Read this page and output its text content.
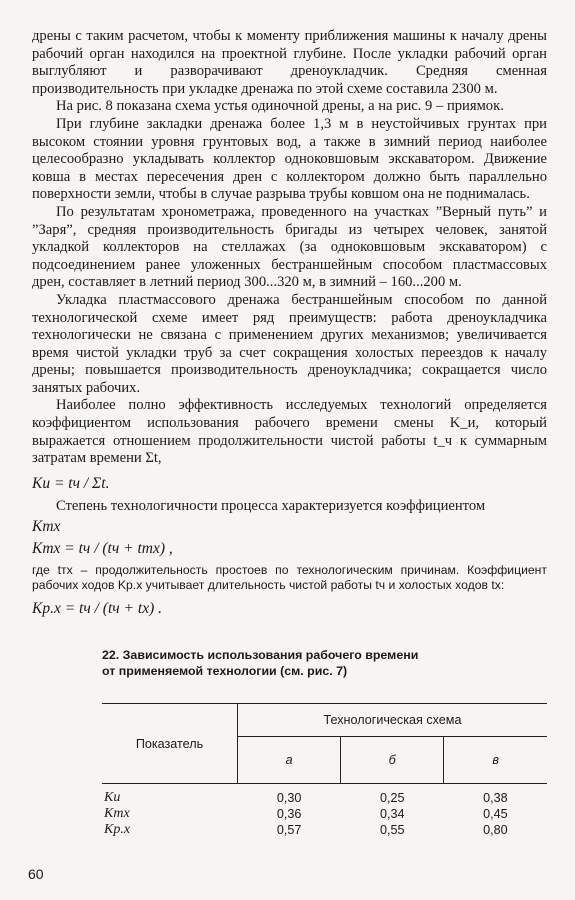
дрены с таким расчетом, чтобы к моменту приближения машины к началу дрены рабочий орган находился на проектной глубине. После укладки рабочий орган выглубляют и разворачивают дреноукладчик. Средняя сменная производительность при укладке дренажа по этой схеме составила 2300 м.

На рис. 8 показана схема устья одиночной дрены, а на рис. 9 – приямок.

При глубине закладки дренажа более 1,3 м в неустойчивых грунтах при высоком стоянии уровня грунтовых вод, а также в зимний период наиболее целесообразно укладывать коллектор одноковшовым экскаватором. Движение ковша в местах пересечения дрен с коллектором должно быть параллельно поверхности земли, чтобы в случае разрыва трубы ковшом она не поднималась.

По результатам хронометража, проведенного на участках ”Верный путь” и ”Заря”, средняя производительность бригады из четырех человек, занятой укладкой коллекторов на стеллажах (за одноковшовым экскаватором) с подсоединением ранее уложенных бестраншейным способом пластмассовых дрен, составляет в летний период 300...320 м, в зимний – 160...200 м.

Укладка пластмассового дренажа бестраншейным способом по данной технологической схеме имеет ряд преимуществ: работа дреноукладчика технологически не связана с применением других механизмов; увеличивается время чистой укладки труб за счет сокращения холостых переездов к началу дрены; повышается производительность дреноукладчика; сокращается число занятых рабочих.

Наиболее полно эффективность исследуемых технологий определяется коэффициентом использования рабочего времени смены K_и, который выражается отношением продолжительности чистой работы t_ч к суммарным затратам времени Σt,

Kи = tч / Σt.

Степень технологичности процесса характеризуется коэффициентом

Kтх
Kтх = tч / (tч + tтх) ,
где tтх – продолжительность простоев по технологическим причинам. Коэффициент рабочих ходов Kр.х учитывает длительность чистой работы tч и холостых ходов tх:
Kр.х = tч / (tч + tх) .
22. Зависимость использования рабочего времени
от применяемой технологии (см. рис. 7)
Показатель	Технологическая схема		
	а	б	в
Kи	0,30	0,25	0,38
Kтх	0,36	0,34	0,45
Kр.х	0,57	0,55	0,80
60
